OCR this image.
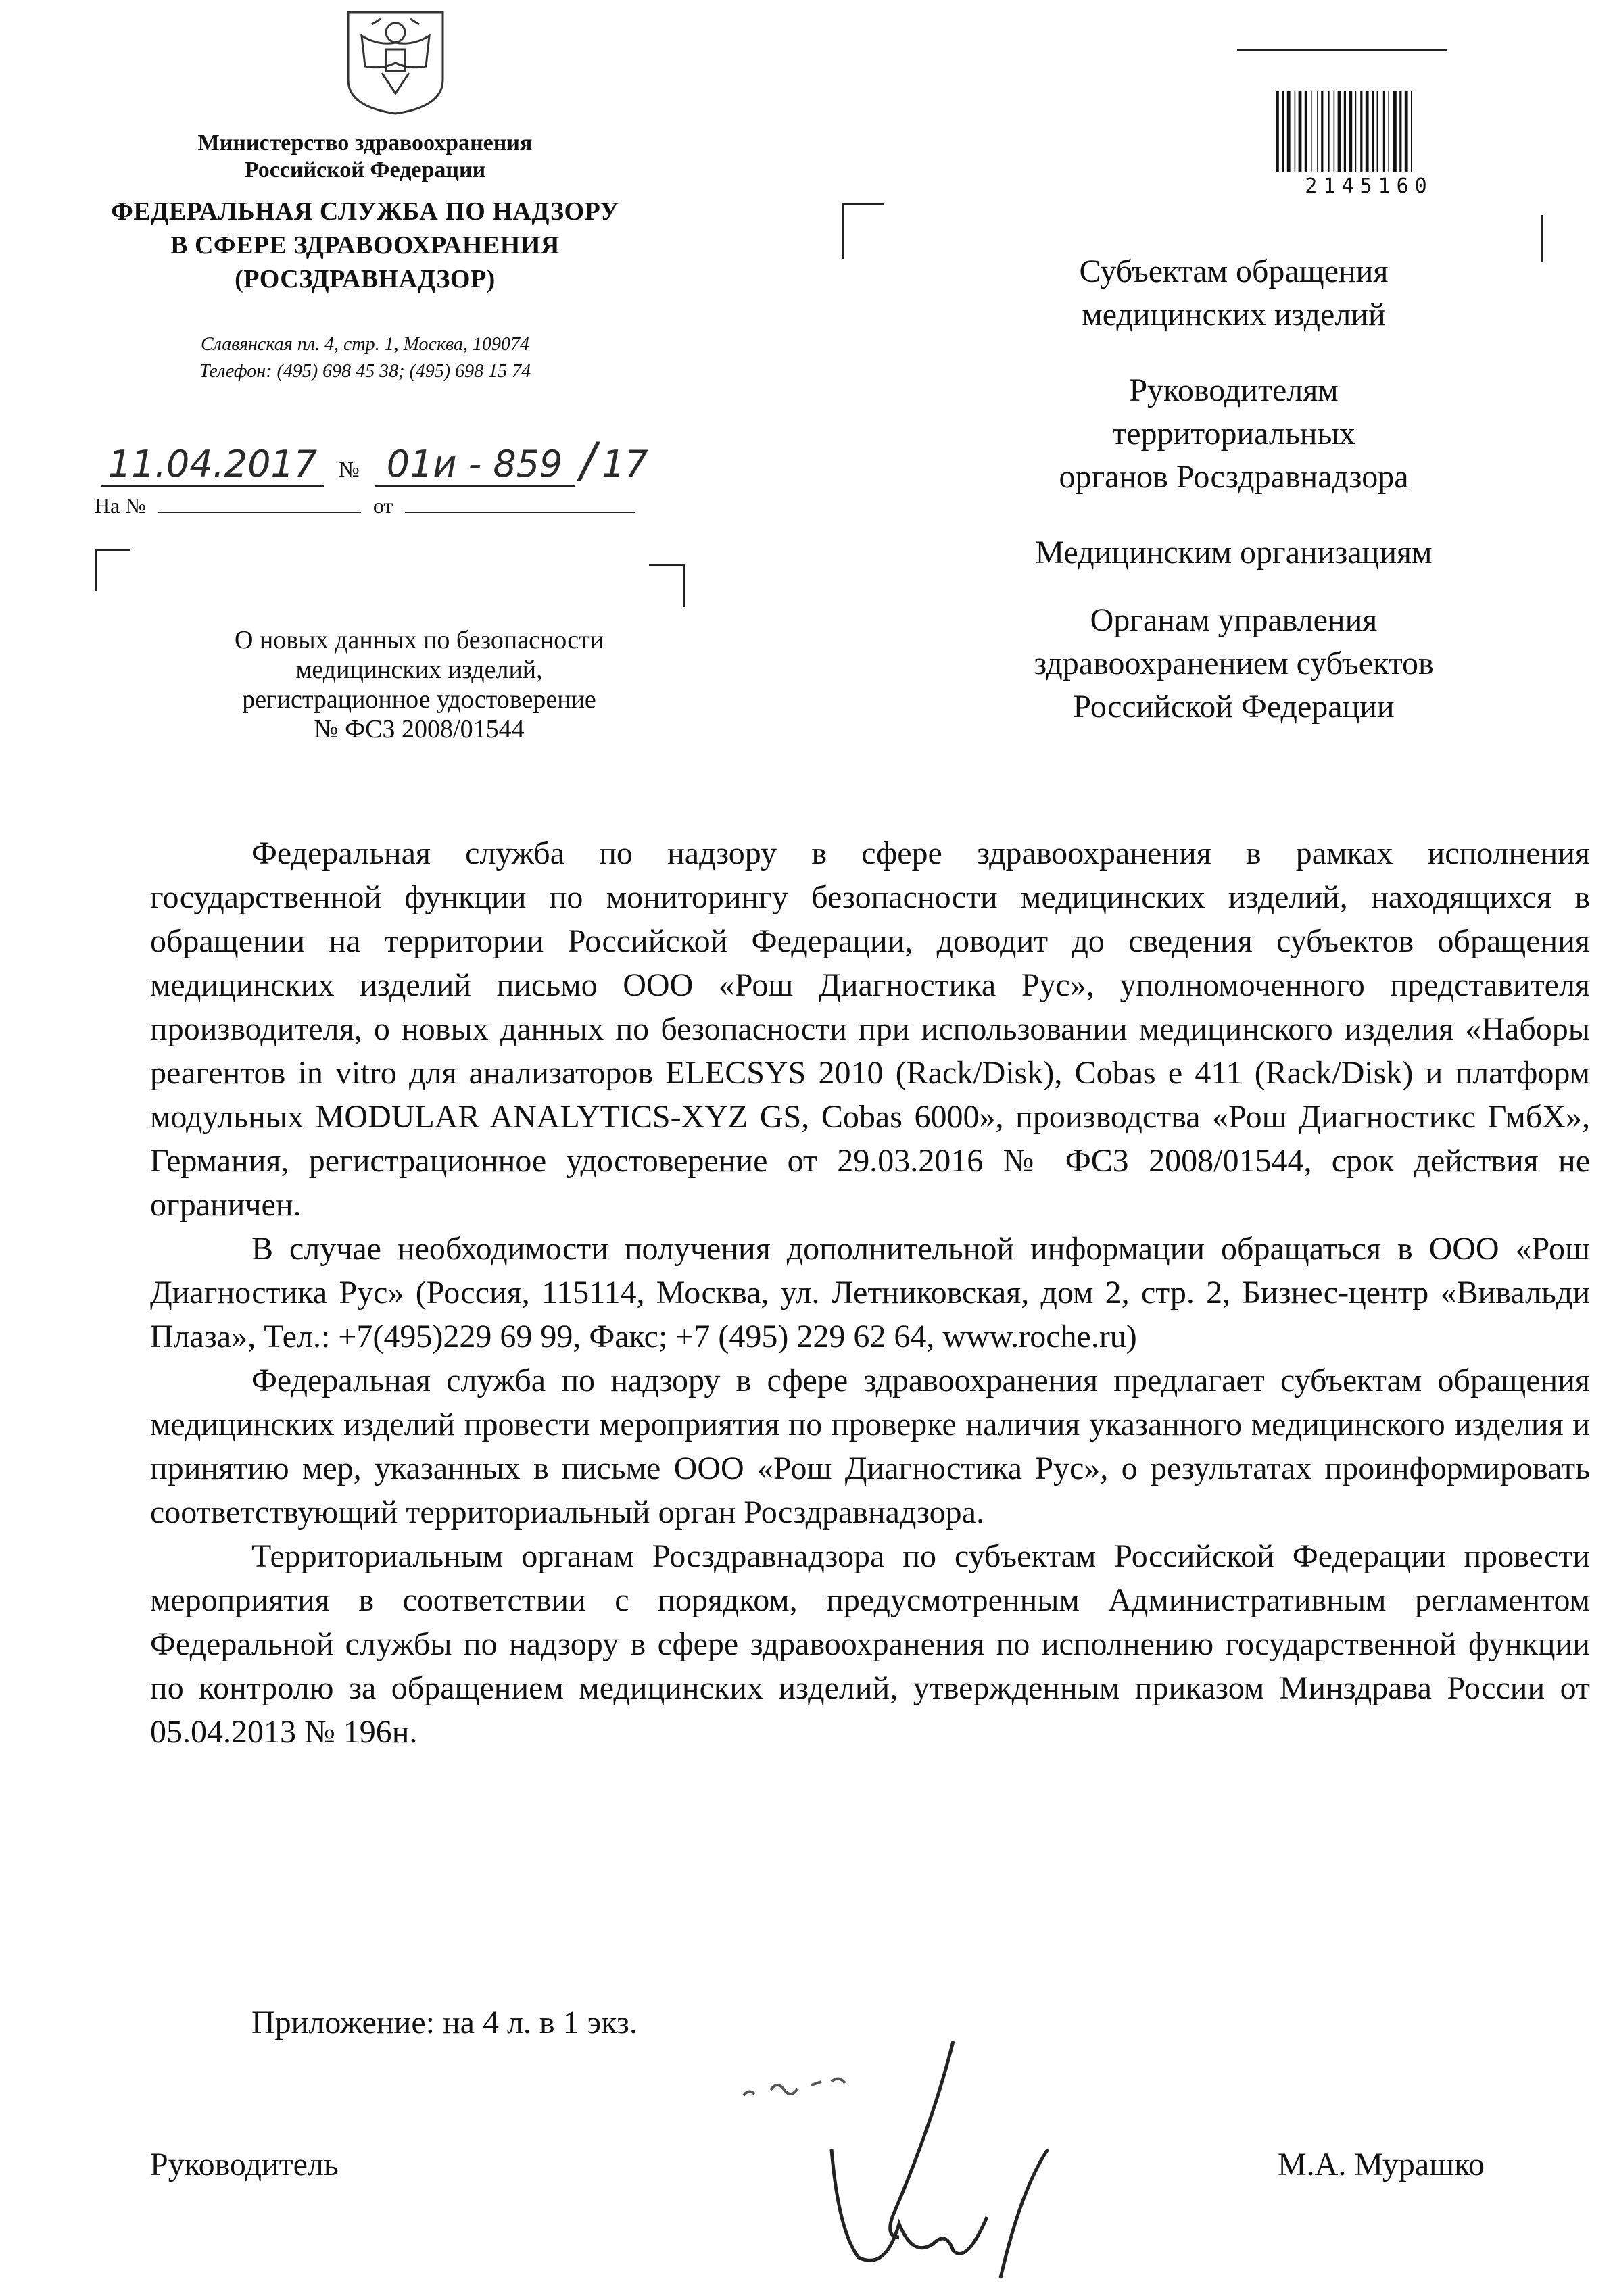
Министерство здравоохранения
Российской Федерации
ФЕДЕРАЛЬНАЯ СЛУЖБА ПО НАДЗОРУ
В СФЕРЕ ЗДРАВООХРАНЕНИЯ
(РОСЗДРАВНАДЗОР)
Славянская пл. 4, стр. 1, Москва, 109074
Телефон: (495) 698 45 38; (495) 698 15 74
11.04.2017 № 01и - 859 / 17
На №	от
О новых данных по безопасности
медицинских изделий,
регистрационное удостоверение
№ ФСЗ 2008/01544
2145160
Субъектам обращения
медицинских изделий
Руководителям
территориальных
органов Росздравнадзора
Медицинским организациям
Органам управления
здравоохранением субъектов
Российской Федерации

Федеральная служба по надзору в сфере здравоохранения в рамках исполнения государственной функции по мониторингу безопасности медицинских изделий, находящихся в обращении на территории Российской Федерации, доводит до сведения субъектов обращения медицинских изделий письмо ООО «Рош Диагностика Рус», уполномоченного представителя производителя, о новых данных по безопасности при использовании медицинского изделия «Наборы реагентов in vitro для анализаторов ELECSYS 2010 (Rack/Disk), Cobas e 411 (Rack/Disk) и платформ модульных MODULAR ANALYTICS-XYZ GS, Cobas 6000», производства «Рош Диагностикс ГмбХ», Германия, регистрационное удостоверение от 29.03.2016 № ФСЗ 2008/01544, срок действия не ограничен.

В случае необходимости получения дополнительной информации обращаться в ООО «Рош Диагностика Рус» (Россия, 115114, Москва, ул. Летниковская, дом 2, стр. 2, Бизнес-центр «Вивальди Плаза», Тел.: +7(495)229 69 99, Факс; +7 (495) 229 62 64, www.roche.ru)

Федеральная служба по надзору в сфере здравоохранения предлагает субъектам обращения медицинских изделий провести мероприятия по проверке наличия указанного медицинского изделия и принятию мер, указанных в письме ООО «Рош Диагностика Рус», о результатах проинформировать соответствующий территориальный орган Росздравнадзора.

Территориальным органам Росздравнадзора по субъектам Российской Федерации провести мероприятия в соответствии с порядком, предусмотренным Административным регламентом Федеральной службы по надзору в сфере здравоохранения по исполнению государственной функции по контролю за обращением медицинских изделий, утвержденным приказом Минздрава России от 05.04.2013 № 196н.

Приложение: на 4 л. в 1 экз.
Руководитель	М.А. Мурашко
